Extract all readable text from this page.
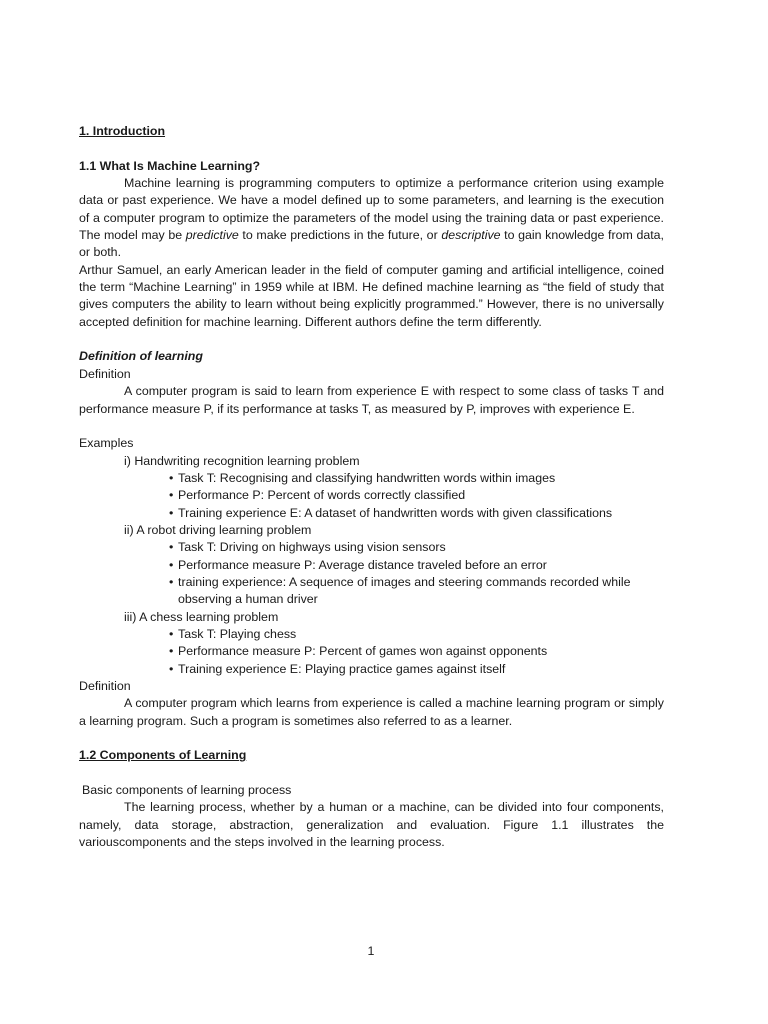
1. Introduction

1.1 What Is Machine Learning?

Machine learning is programming computers to optimize a performance criterion using example data or past experience. We have a model defined up to some parameters, and learning is the execution of a computer program to optimize the parameters of the model using the training data or past experience. The model may be predictive to make predictions in the future, or descriptive to gain knowledge from data, or both.

Arthur Samuel, an early American leader in the field of computer gaming and artificial intelligence, coined the term “Machine Learning” in 1959 while at IBM. He defined machine learning as “the field of study that gives computers the ability to learn without being explicitly programmed.” However, there is no universally accepted definition for machine learning. Different authors define the term differently.

Definition of learning

Definition

A computer program is said to learn from experience E with respect to some class of tasks T and performance measure P, if its performance at tasks T, as measured by P, improves with experience E.

Examples

i) Handwriting recognition learning problem

• Task T: Recognising and classifying handwritten words within images
• Performance P: Percent of words correctly classified
• Training experience E: A dataset of handwritten words with given classifications

ii) A robot driving learning problem

• Task T: Driving on highways using vision sensors
• Performance measure P: Average distance traveled before an error
• training experience: A sequence of images and steering commands recorded while observing a human driver

iii) A chess learning problem

• Task T: Playing chess
• Performance measure P: Percent of games won against opponents
• Training experience E: Playing practice games against itself

Definition

A computer program which learns from experience is called a machine learning program or simply a learning program. Such a program is sometimes also referred to as a learner.

1.2 Components of Learning

Basic components of learning process

The learning process, whether by a human or a machine, can be divided into four components, namely, data storage, abstraction, generalization and evaluation. Figure 1.1 illustrates the variouscomponents and the steps involved in the learning process.

1
